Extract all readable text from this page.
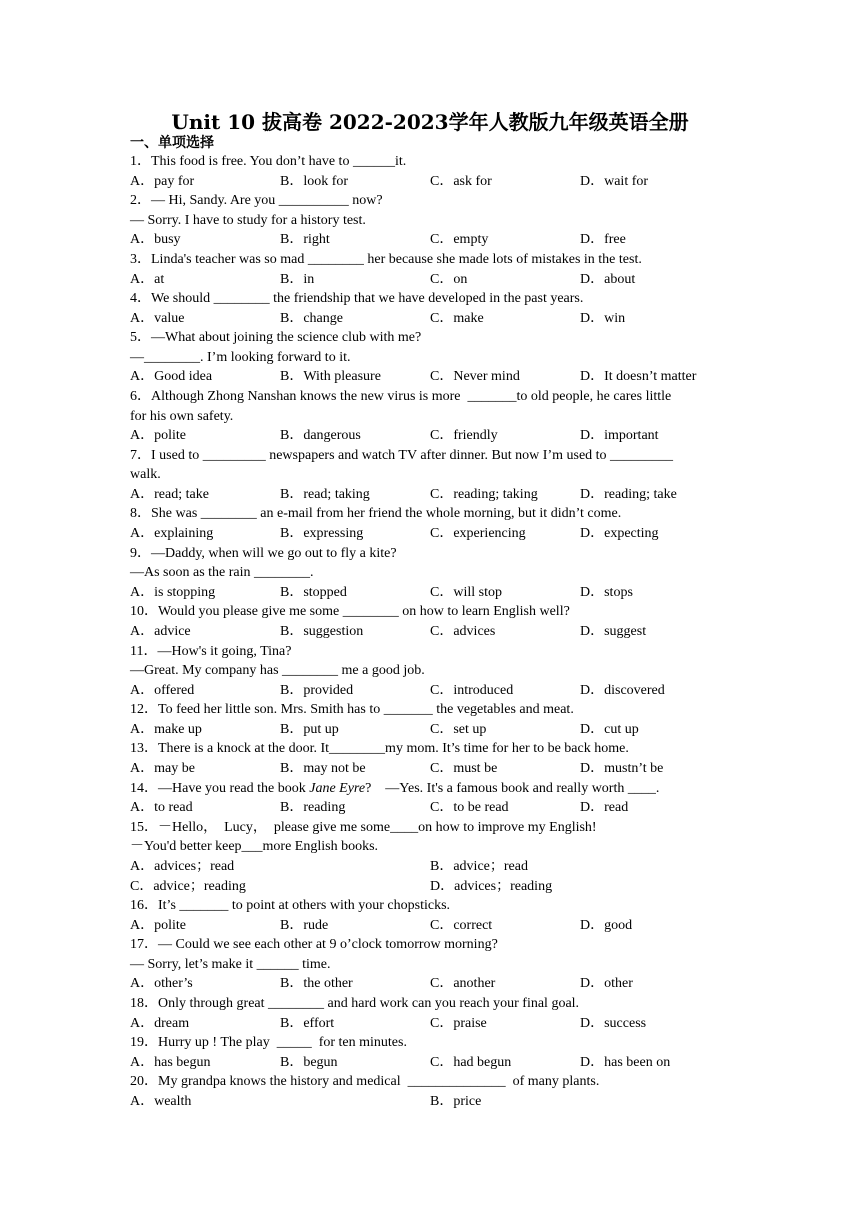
Unit 10 拔高卷 2022-2023学年人教版九年级英语全册
一、单项选择
1．This food is free. You don’t have to ______it.
A．pay for	B．look for	C．ask for	D．wait for
2．— Hi, Sandy. Are you __________ now?
— Sorry. I have to study for a history test.
A．busy	B．right	C．empty	D．free
3．Linda's teacher was so mad ________ her because she made lots of mistakes in the test.
A．at	B．in	C．on	D．about
4．We should ________ the friendship that we have developed in the past years.
A．value	B．change	C．make	D．win
5．—What about joining the science club with me?
—________. I’m looking forward to it.
A．Good idea	B．With pleasure	C．Never mind	D．It doesn’t matter
6．Although Zhong Nanshan knows the new virus is more  _______to old people, he cares little
for his own safety.
A．polite	B．dangerous	C．friendly	D．important
7．I used to _________ newspapers and watch TV after dinner. But now I’m used to _________
walk.
A．read; take	B．read; taking	C．reading; taking	D．reading; take
8．She was ________ an e-mail from her friend the whole morning, but it didn’t come.
A．explaining	B．expressing	C．experiencing	D．expecting
9．—Daddy, when will we go out to fly a kite?
—As soon as the rain ________.
A．is stopping	B．stopped	C．will stop	D．stops
10．Would you please give me some ________ on how to learn English well?
A．advice	B．suggestion	C．advices	D．suggest
11．—How's it going, Tina?
—Great. My company has ________ me a good job.
A．offered	B．provided	C．introduced	D．discovered
12．To feed her little son. Mrs. Smith has to _______ the vegetables and meat.
A．make up	B．put up	C．set up	D．cut up
13．There is a knock at the door. It________my mom. It’s time for her to be back home.
A．may be	B．may not be	C．must be	D．mustn’t be
14．—Have you read the book Jane Eyre?    —Yes. It's a famous book and really worth ____.
A．to read	B．reading	C．to be read	D．read
15．－Hello，  Lucy，  please give me some____on how to improve my English!
－You'd better keep___more English books.
A．advices；read	B．advice；read
C．advice；reading	D．advices；reading
16．It’s _______ to point at others with your chopsticks.
A．polite	B．rude	C．correct	D．good
17．— Could we see each other at 9 o’clock tomorrow morning?
— Sorry, let’s make it ______ time.
A．other’s	B．the other	C．another	D．other
18．Only through great ________ and hard work can you reach your final goal.
A．dream	B．effort	C．praise	D．success
19．Hurry up ! The play  _____  for ten minutes.
A．has begun	B．begun	C．had begun	D．has been on
20．My grandpa knows the history and medical  ______________  of many plants.
A．wealth	B．price
